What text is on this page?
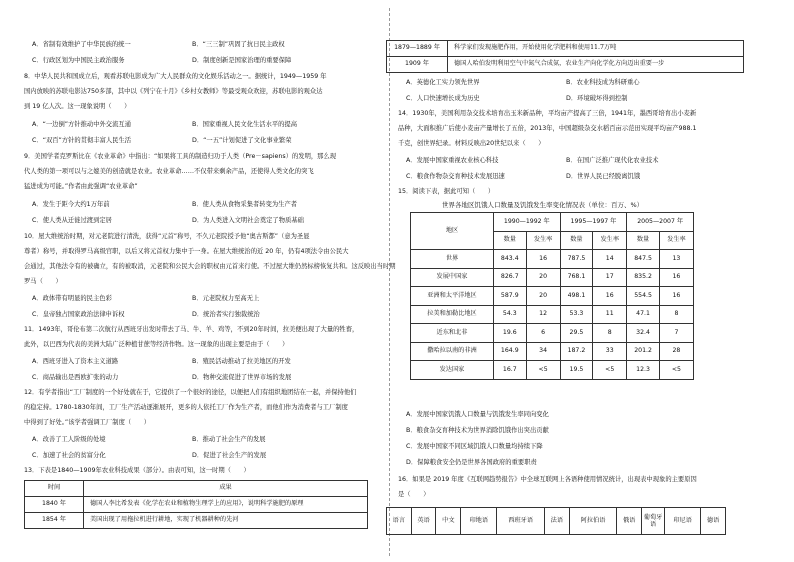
A．省制有效维护了中华民族的统一	B．“三三制”巩固了抗日民主政权
C．行政区划为中国民主政治服务	D．制度创新是国家治理的重要保障
8．中华人民共和国成立后，观看苏联电影成为广大人民群众的文化娱乐活动之一。据统计，1949—1959 年
国内放映的苏联电影达750多部，其中以《列宁在十月》《乡村女教师》等最受观众欢迎，苏联电影的观众达
到 19 亿人次。这一现象说明（　　）
A．“一边倒”方针推动中外交流互通	B．国家重视人民文化生活水平的提高
C．“双百”方针的贯彻丰富人民生活	D．“一五”计划促进了文化事业繁荣
9．美国学者克罗斯比在《农业革命》中指出：“如果将工具的制造归功于人类（Pre－sapiens）的发明，那么现
代人类的第一项可以与之媲美的创造就是农业。农业革命……不仅带来剩余产品，还使得人类文化的突飞
猛进成为可能。”作者由此强调“农业革命”
A．发生于距今大约1万年前	B．使人类从食物采集者转变为生产者
C．使人类从迁徙过渡到定居	D．为人类进入文明社会奠定了物质基础
10．屋大维统治时期，对元老院进行清洗，获得“元首”称号，不久元老院授予他“奥古斯都”（意为圣显
尊者）称号，并取得罗马高级官职，以后又将元首权力集中于一身。在屋大维统治的近 20 年，仍有4项法令由公民大
会通过，其他法令有的被确立，有的被取消，元老院和公民大会的职权由元首来行使。不过屋大维仍然标榜恢复共和。这反映出当时期
罗马（　　）
A．政体带有明显的民主色彩	B．元老院权力至高无上
C．皇帝独占国家政治法律申诉权	D．统治者实行独裁统治
11．1493年，哥伦布第二次航行从西班牙出发时带去了马、牛、羊、鸡等，不到20年时间，拉美便出现了大量的牲畜，
此外，以巴西为代表的美洲大陆广泛种植甘蔗等经济作物。这一现象的出现主要是由于（　　）
A．西班牙进入了资本主义道路	B．殖民活动推动了拉美地区的开发
C．商品输出是西欧扩张的动力	D．物种交流促进了世界市场的发展
12．有学者指出“工厂制度的一个好处就在于，它提供了一个很好的途径，以便把人们有组织地团结在一起，并保持他们
的稳定持。1780-1830年间，工厂生产活动逐渐展开，更多的人依托工厂作为生产者，而他们作为消费者与工厂制度
中得到了好处。”该学者强调工厂制度（　　）
A．改善了工人阶级的处境	B．推动了社会生产的发展
C．加速了社会的贫富分化	D．促进了社会生产的发展
13．下表是1840—1909年农业科技成果（部分）。由表可知，这一时期（　　）
时间	成果
1840 年	德国人李比希发表《化学在农业和植物生理学上的应用》，说明科学施肥的原理
1854 年	美国出现了用拖拉机进行耕地，实现了机器耕种的先河
1879—1889 年	科学家们发现施肥作用，开始使用化学肥料和使用11.7万吨
1909 年	德国人哈伯发明利用空气中氮气合成氨，农业生产向化学化方向迈出重要一步
A．英德化工实力领先世界	B．农业科技成为科研重心
C．人口快速增长成为历史	D．环境破坏得到控制
14．1930年，美国利用杂交技术培育出玉米新品种，平均亩产提高了三倍，1941年，墨西哥培育出小麦新
品种，大面积推广后使小麦亩产量增长了五倍，2013年，中国超级杂交水稻百亩示范田实现平均亩产988.1
千克，创世界纪录。材料反映出20世纪以来（　　）
A．发展中国家重视农业核心科技	B．在国广泛推广现代化农业技术
C．粮食作物杂交育种技术发展迅速	D．世界人民已经脱离饥饿
15．阅读下表，据此可知（　　）
世界各地区饥饿人口数量及饥饿发生率变化情况表（单位：百万、%）
地区	1990—1992 年		1995—1997 年		2005—2007 年	
	数量	发生率	数量	发生率	数量	发生率
世界	843.4	16	787.5	14	847.5	13
发展中国家	826.7	20	768.1	17	835.2	16
亚洲和太平洋地区	587.9	20	498.1	16	554.5	16
拉美和加勒比地区	54.3	12	53.3	11	47.1	8
近东和北非	19.6	6	29.5	8	32.4	7
撒哈拉以南的非洲	164.9	34	187.2	33	201.2	28
发达国家	16.7	<5	19.5	<5	12.3	<5
A．发展中国家饥饿人口数量与饥饿发生率同向变化
B．粮食杂交育种技术为世界消除饥饿作出突出贡献
C．发展中国家不同区域饥饿人口数量均持续下降
D．保障粮食安全仍是世界各国政府的重要职责
16．如果是 2019 年度《互联网趋势报告》中全球互联网上各语种使用情况统计，出现表中现象的主要原因
是（　　）
语言	英语	中文	印地语	西班牙语	法语	阿拉伯语	俄语	葡萄牙语	印尼语	德语
